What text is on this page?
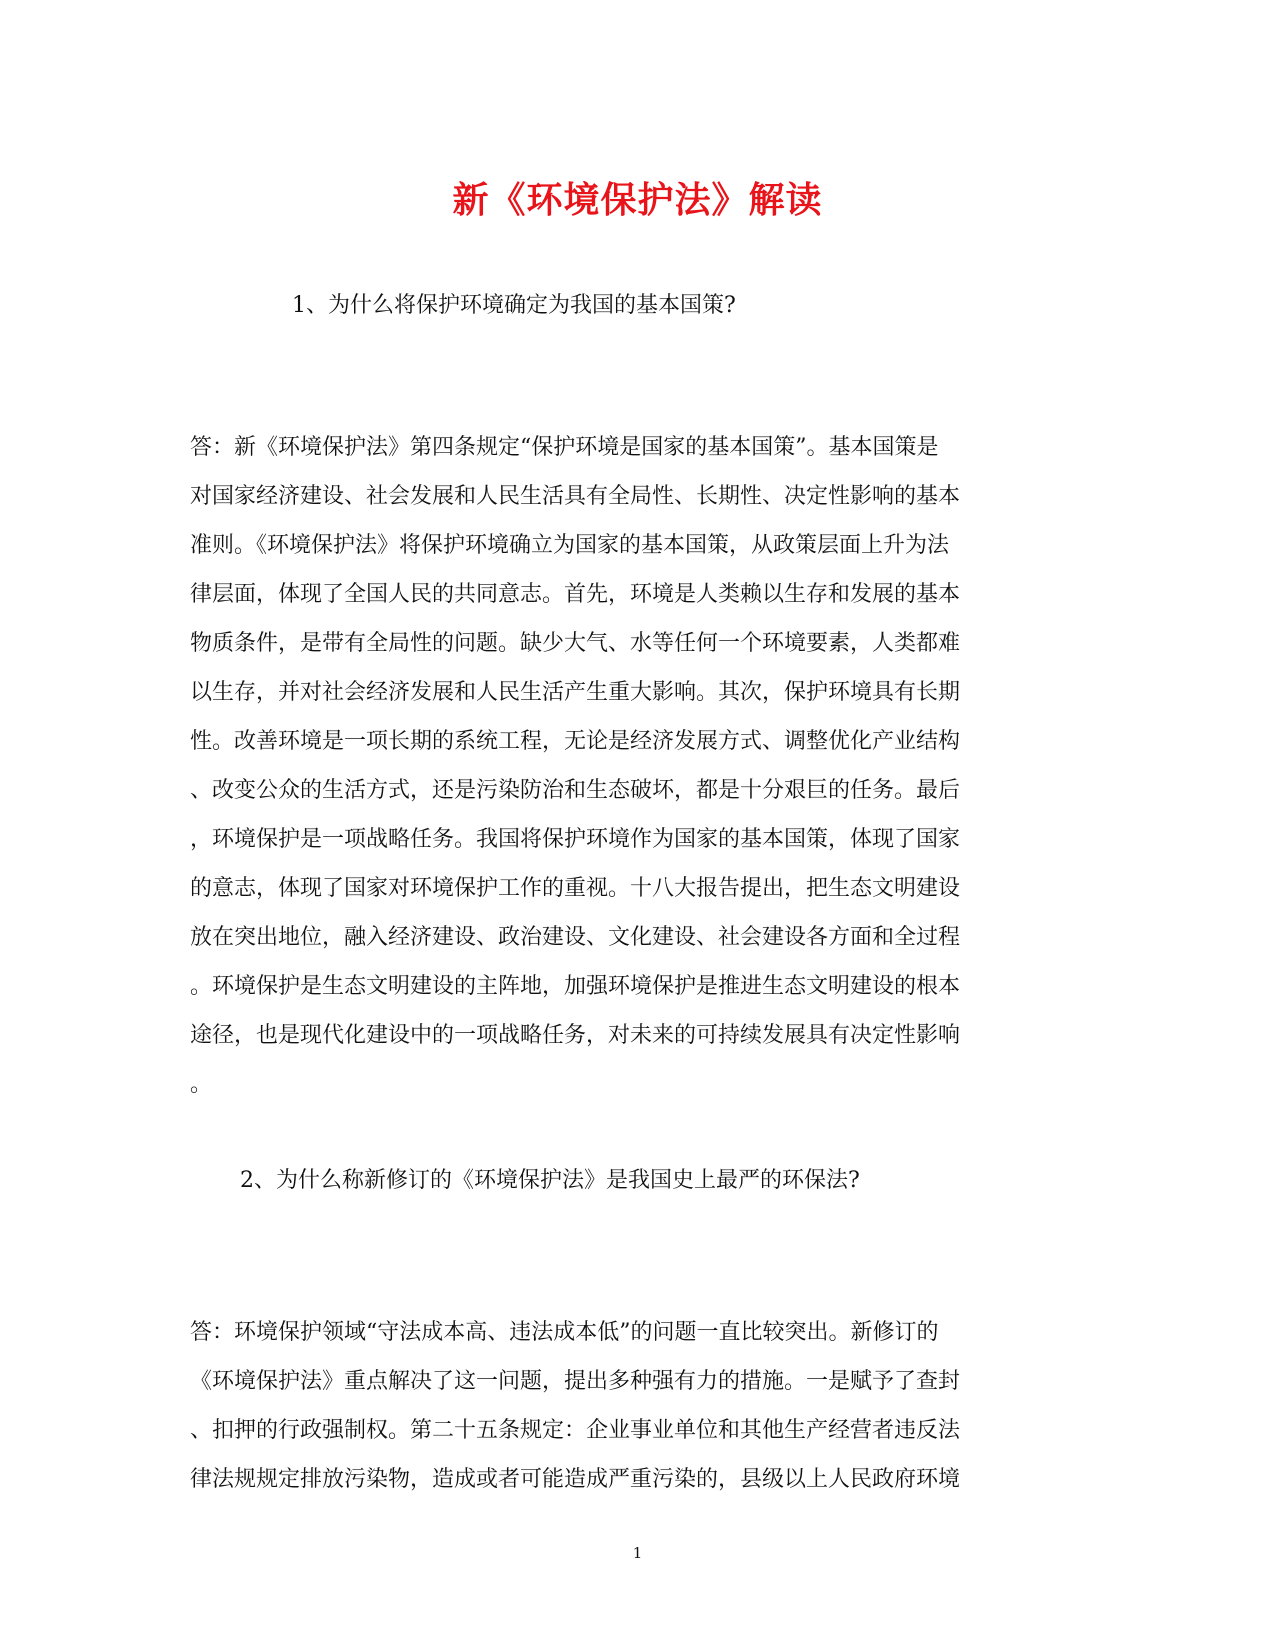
新《环境保护法》解读

1、为什么将保护环境确定为我国的基本国策?

答：新《环境保护法》第四条规定“保护环境是国家的基本国策”。基本国策是
对国家经济建设、社会发展和人民生活具有全局性、长期性、决定性影响的基本
准则。《环境保护法》将保护环境确立为国家的基本国策，从政策层面上升为法
律层面，体现了全国人民的共同意志。首先，环境是人类赖以生存和发展的基本
物质条件，是带有全局性的问题。缺少大气、水等任何一个环境要素，人类都难
以生存，并对社会经济发展和人民生活产生重大影响。其次，保护环境具有长期
性。改善环境是一项长期的系统工程，无论是经济发展方式、调整优化产业结构
、改变公众的生活方式，还是污染防治和生态破坏，都是十分艰巨的任务。最后
，环境保护是一项战略任务。我国将保护环境作为国家的基本国策，体现了国家
的意志，体现了国家对环境保护工作的重视。十八大报告提出，把生态文明建设
放在突出地位，融入经济建设、政治建设、文化建设、社会建设各方面和全过程
。环境保护是生态文明建设的主阵地，加强环境保护是推进生态文明建设的根本
途径，也是现代化建设中的一项战略任务，对未来的可持续发展具有决定性影响
。

2、为什么称新修订的《环境保护法》是我国史上最严的环保法?

答：环境保护领域“守法成本高、违法成本低”的问题一直比较突出。新修订的
《环境保护法》重点解决了这一问题，提出多种强有力的措施。一是赋予了查封
、扣押的行政强制权。第二十五条规定：企业事业单位和其他生产经营者违反法
律法规规定排放污染物，造成或者可能造成严重污染的，县级以上人民政府环境
1
